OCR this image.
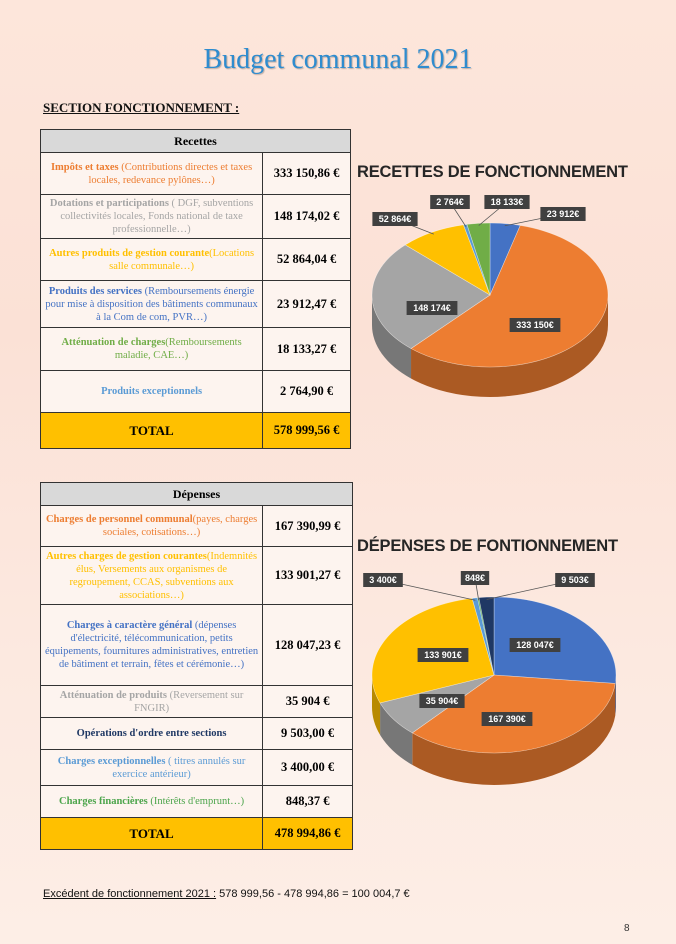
Budget communal 2021
SECTION FONCTIONNEMENT :
Recettes	
Impôts et taxes (Contributions directes et taxes locales, redevance pylônes…)	333 150,86 €
Dotations et participations ( DGF, subventions collectivités locales, Fonds national de taxe professionnelle…)	148 174,02 €
Autres produits de gestion courante(Locations salle communale…)	52 864,04 €
Produits des services (Remboursements énergie pour mise à disposition des bâtiments communaux à la Com de com, PVR…)	23 912,47 €
Atténuation de charges(Remboursements maladie, CAE…)	18 133,27 €
Produits exceptionnels	2 764,90 €
TOTAL	578 999,56 €
Dépenses	
Charges de personnel communal(payes, charges sociales, cotisations…)	167 390,99 €
Autres charges de gestion courantes(Indemnités élus, Versements aux organismes de regroupement, CCAS, subventions aux associations…)	133 901,27 €
Charges à caractère général (dépenses d'électricité, télécommunication, petits équipements, fournitures administratives, entretien de bâtiment et terrain, fêtes et cérémonie…)	128 047,23 €
Atténuation de produits (Reversement sur FNGIR)	35 904 €
Opérations d'ordre entre sections	9 503,00 €
Charges exceptionnelles ( titres annulés sur exercice antérieur)	3 400,00 €
Charges financières (Intérêts d'emprunt…)	848,37 €
TOTAL	478 994,86 €
RECETTES DE FONCTIONNEMENT
23 912€
333 150€
148 174€
52 864€
2 764€	18 133€
DÉPENSES DE FONTIONNEMENT
128 047€
167 390€
35 904€
133 901€
3 400€	848€	9 503€
Excédent de fonctionnement 2021 : 578 999,56 - 478 994,86 = 100 004,7 €
8
